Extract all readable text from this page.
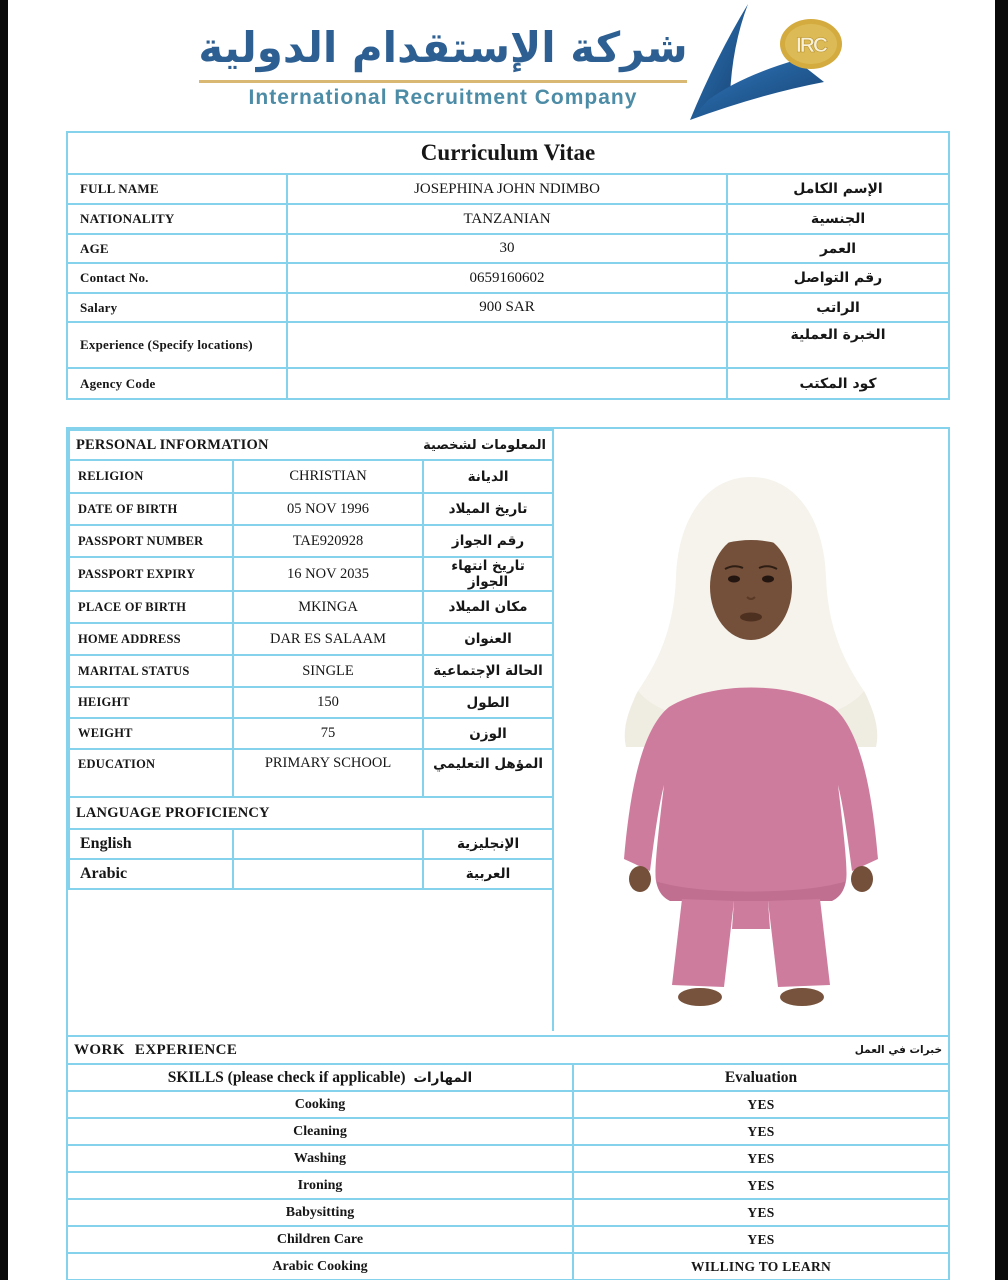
شركة الإستقدام الدولية
International Recruitment Company
IRC
Curriculum Vitae		
FULL NAME	JOSEPHINA JOHN NDIMBO	الإسم الكامل
NATIONALITY	TANZANIAN	الجنسية
AGE	30	العمر
Contact No.	0659160602	رقم التواصل
Salary	900 SAR	الراتب
Experience (Specify locations)		الخبرة العملية
Agency Code		كود المكتب
PERSONAL INFORMATION المعلومات لشخصية		

RELIGION	CHRISTIAN	الديانة
DATE OF BIRTH	05 NOV 1996	تاريخ الميلاد
PASSPORT NUMBER	TAE920928	رقم الجواز
PASSPORT EXPIRY	16 NOV 2035	تاريخ انتهاء الجواز
PLACE OF BIRTH	MKINGA	مكان الميلاد
HOME ADDRESS	DAR ES SALAAM	العنوان
MARITAL STATUS	SINGLE	الحالة الإجتماعية
HEIGHT	150	الطول
WEIGHT	75	الوزن
EDUCATION	PRIMARY SCHOOL	المؤهل التعليمي

LANGUAGE PROFICIENCY		

English		الإنجليزية
Arabic		العربية
WORK EXPERIENCE خبرات في العمل	

SKILLS (please check if applicable) المهارات	Evaluation
Cooking	YES
Cleaning	YES
Washing	YES
Ironing	YES
Babysitting	YES
Children Care	YES
Arabic Cooking	WILLING TO LEARN
